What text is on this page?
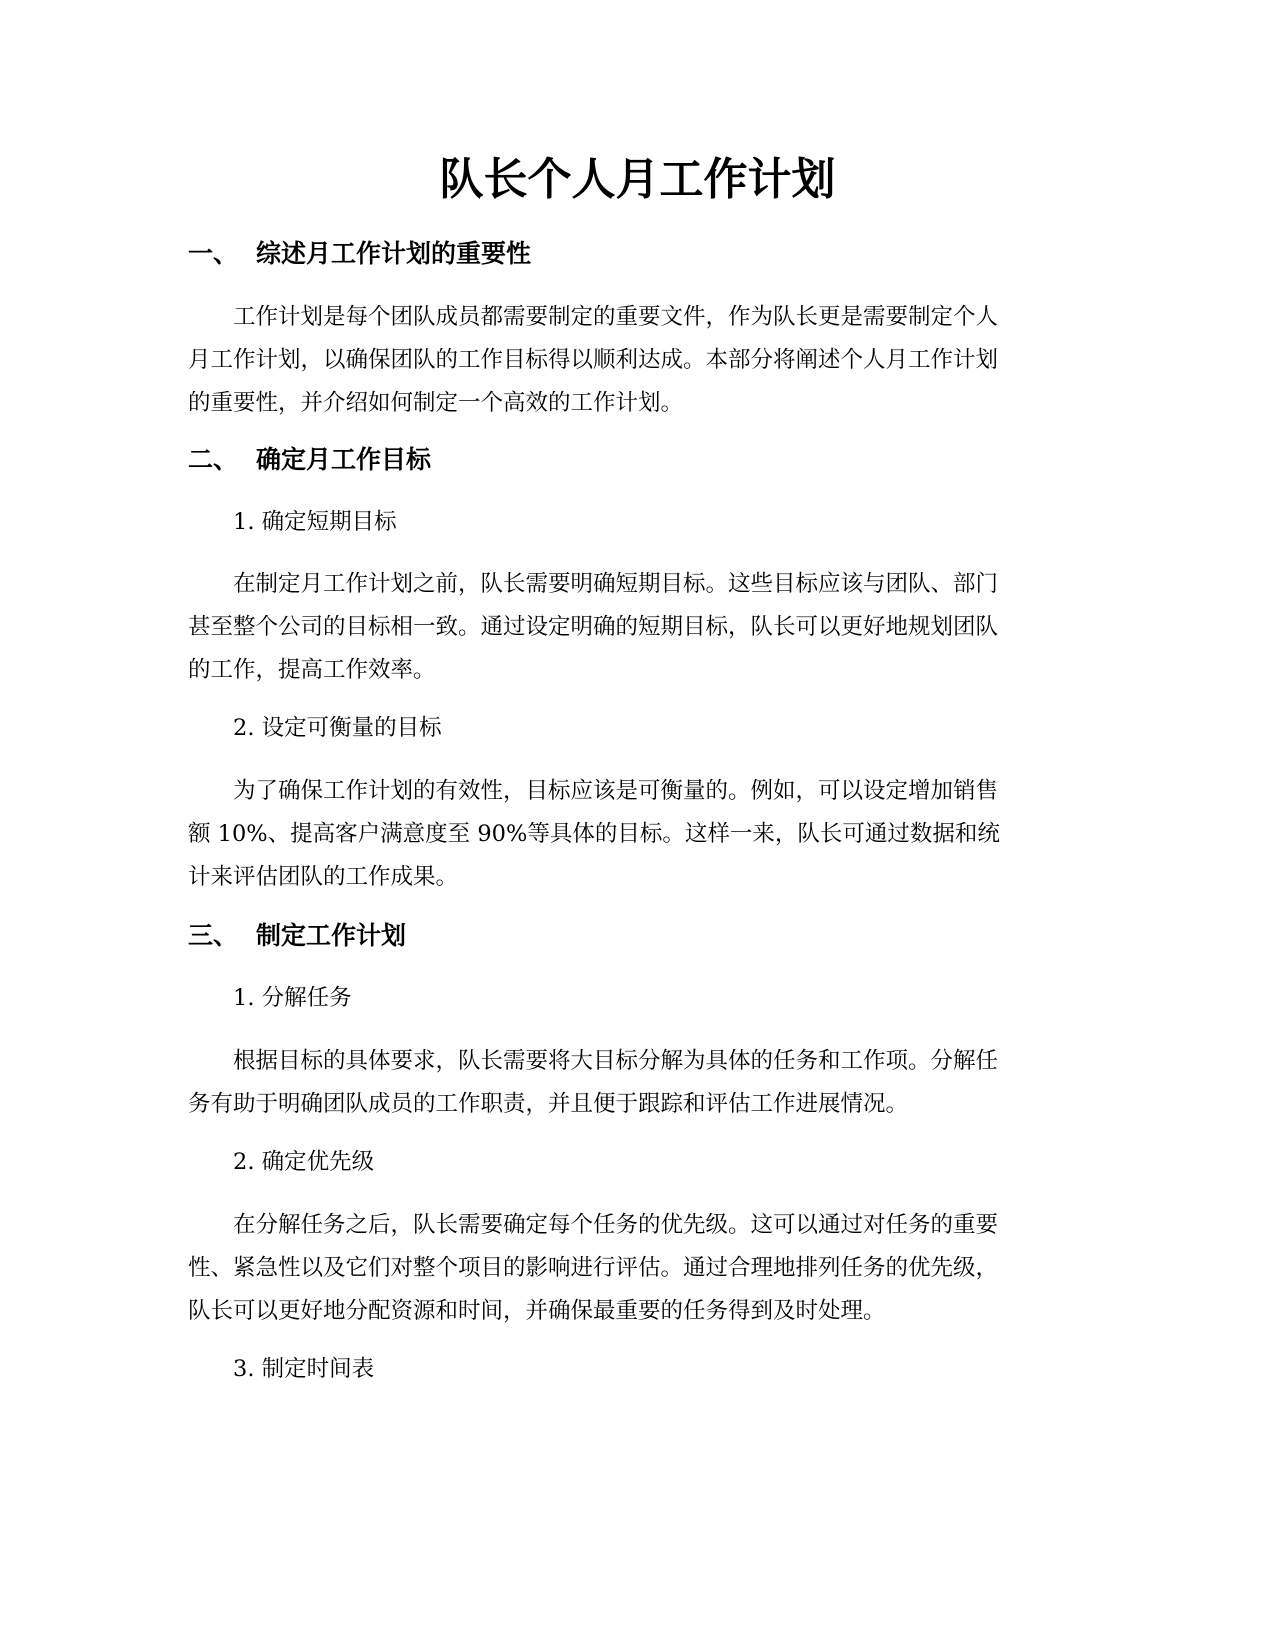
队长个人月工作计划
一、 综述月工作计划的重要性
工作计划是每个团队成员都需要制定的重要文件，作为队长更是需要制定个人
月工作计划，以确保团队的工作目标得以顺利达成。本部分将阐述个人月工作计划
的重要性，并介绍如何制定一个高效的工作计划。
二、 确定月工作目标
1. 确定短期目标
在制定月工作计划之前，队长需要明确短期目标。这些目标应该与团队、部门
甚至整个公司的目标相一致。通过设定明确的短期目标，队长可以更好地规划团队
的工作，提高工作效率。
2. 设定可衡量的目标
为了确保工作计划的有效性，目标应该是可衡量的。例如，可以设定增加销售
额 10%、提高客户满意度至 90%等具体的目标。这样一来，队长可通过数据和统
计来评估团队的工作成果。
三、 制定工作计划
1. 分解任务
根据目标的具体要求，队长需要将大目标分解为具体的任务和工作项。分解任
务有助于明确团队成员的工作职责，并且便于跟踪和评估工作进展情况。
2. 确定优先级
在分解任务之后，队长需要确定每个任务的优先级。这可以通过对任务的重要
性、紧急性以及它们对整个项目的影响进行评估。通过合理地排列任务的优先级，
队长可以更好地分配资源和时间，并确保最重要的任务得到及时处理。
3. 制定时间表
